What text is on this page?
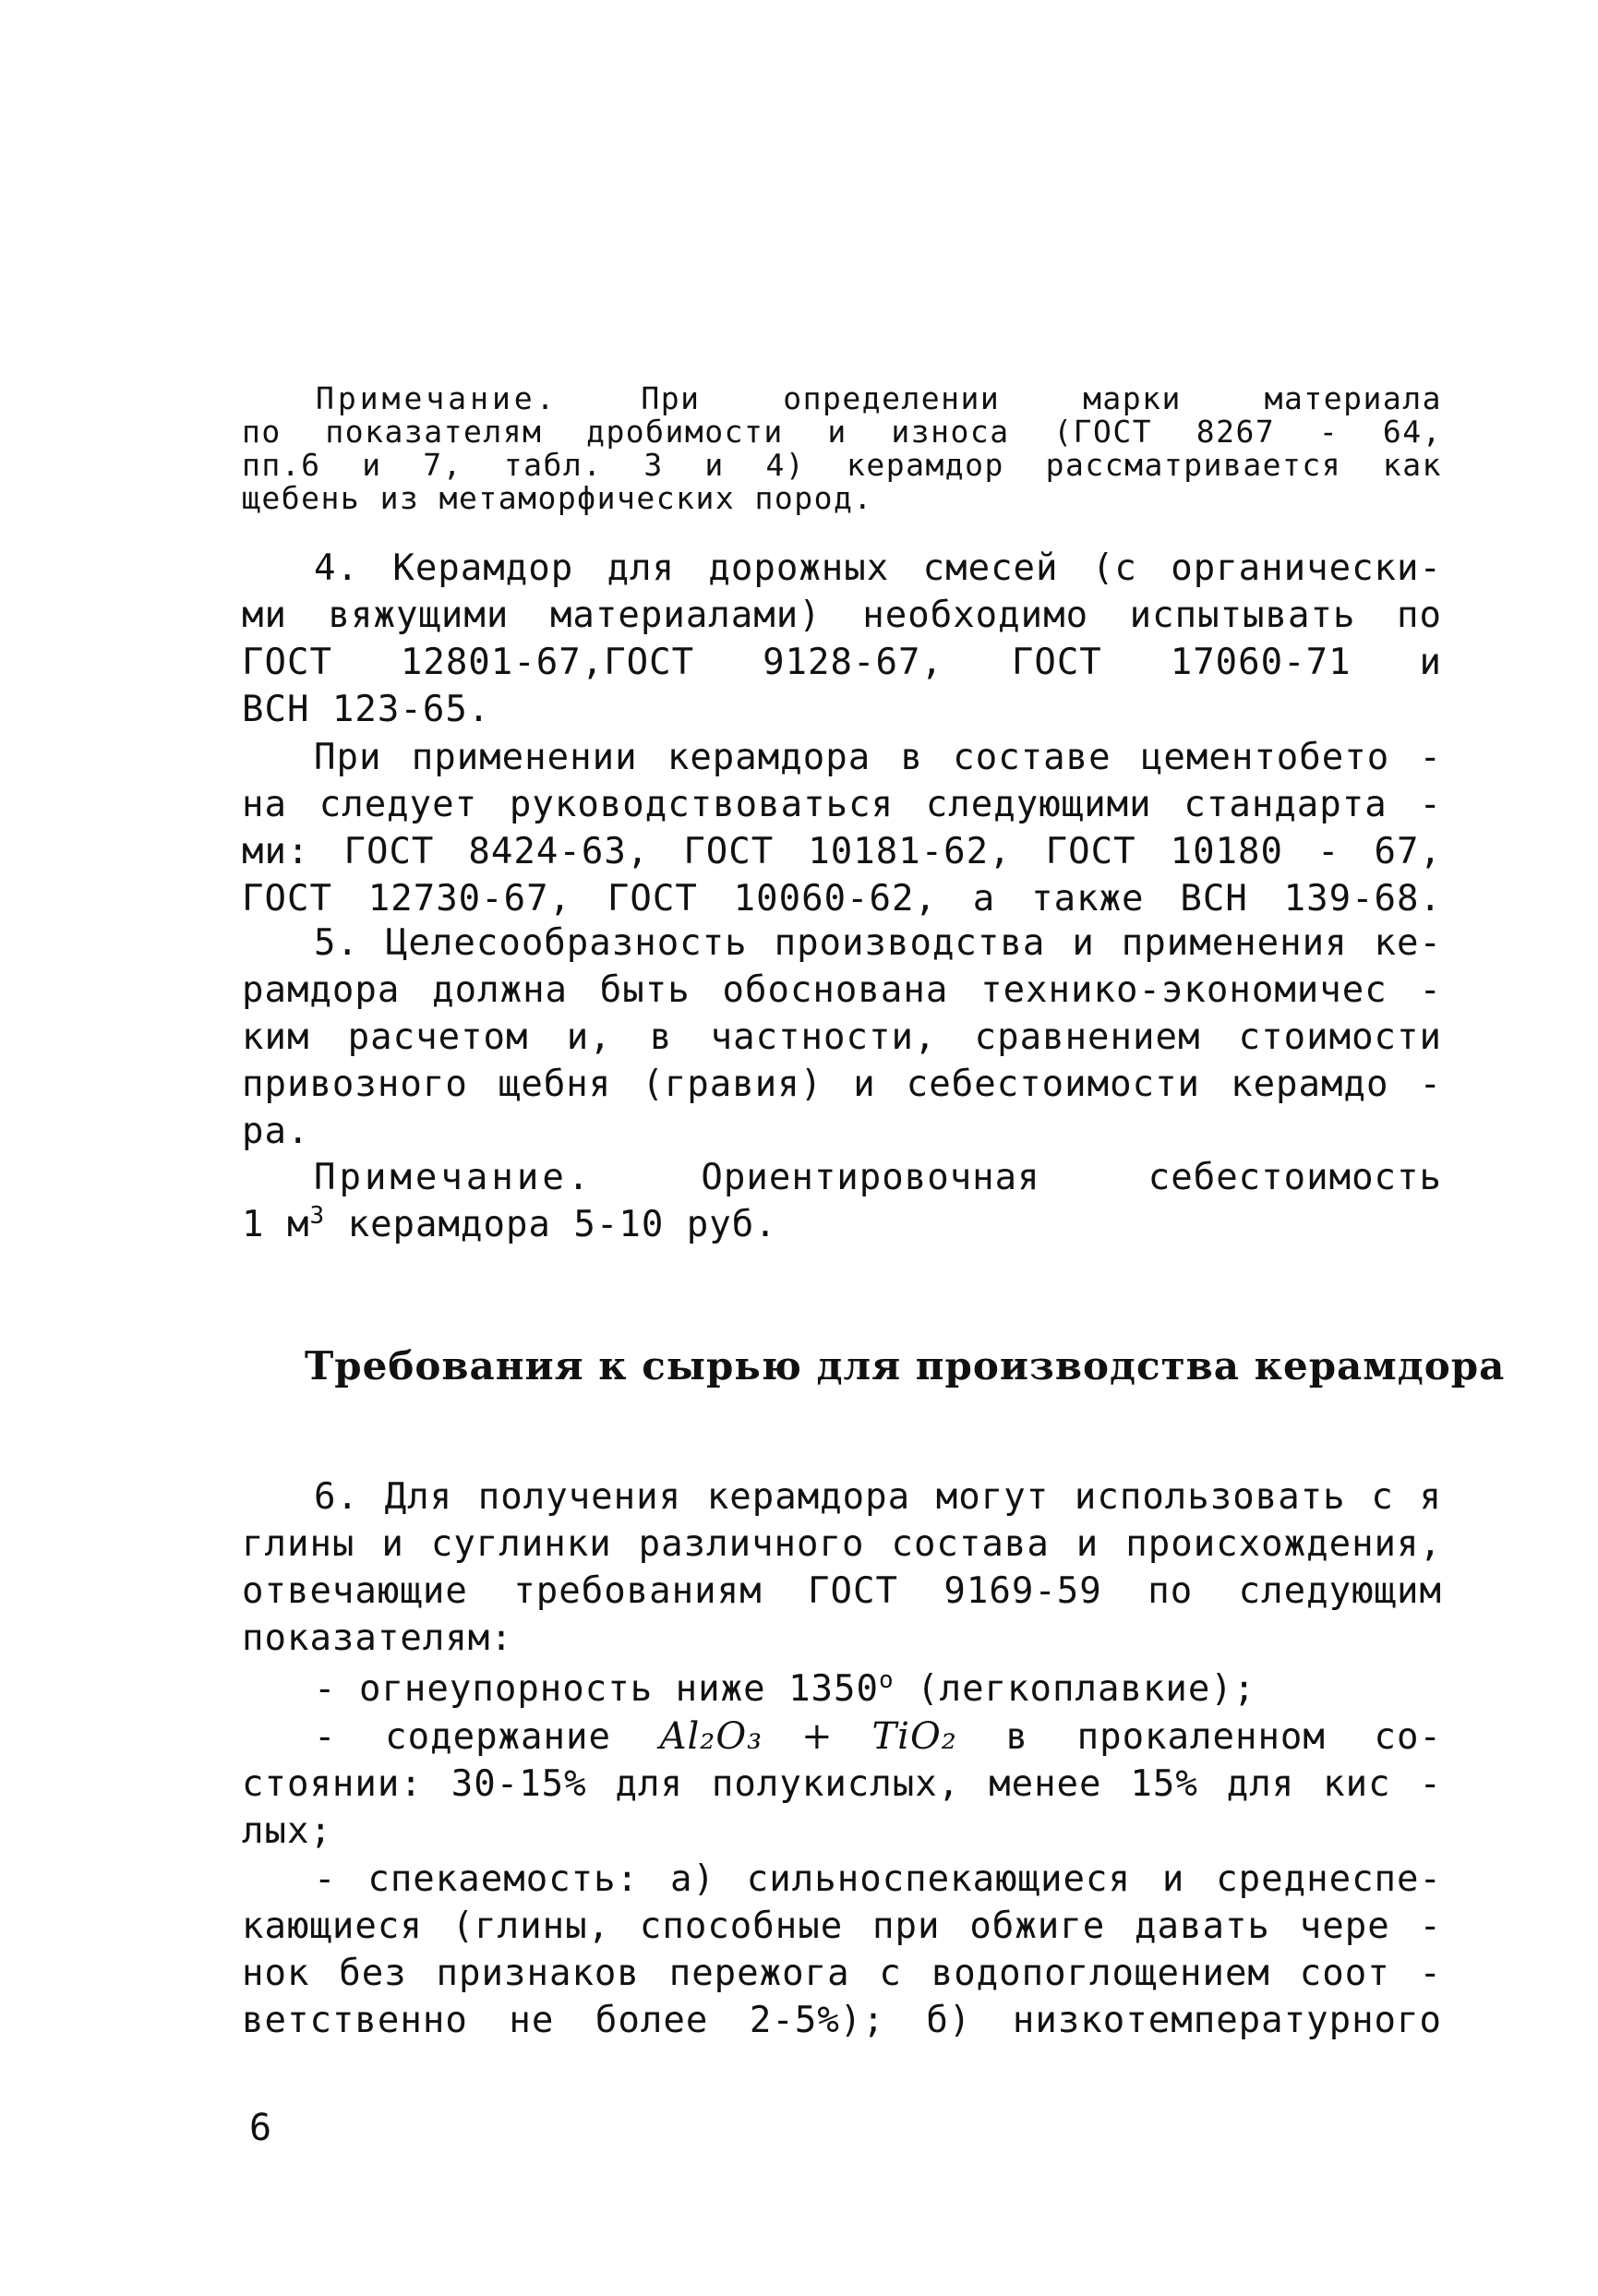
Примечание.	При определении марки материала
по показателям дробимости и износа (ГОСТ 8267 - 64,
пп.6 и 7, табл. 3 и 4) керамдор рассматривается как
щебень из метаморфических пород.
4. Керамдор для дорожных смесей (с органически-
ми вяжущими материалами) необходимо испытывать по
ГОСТ 12801-67,ГОСТ 9128-67, ГОСТ 17060-71 и
ВСН 123-65.
При применении керамдора в составе цементобето -
на следует руководствоваться следующими стандарта -
ми: ГОСТ 8424-63, ГОСТ 10181-62, ГОСТ 10180 - 67,
ГОСТ 12730-67, ГОСТ 10060-62, а также ВСН 139-68.
5. Целесообразность производства и применения ке-
рамдора должна быть обоснована технико-экономичес -
ким расчетом и, в частности, сравнением стоимости
привозного щебня (гравия) и себестоимости керамдо -
ра.
Примечание.	Ориентировочная себестоимость
1 $м^3$ керамдора 5-10 руб.
Требования к сырью для производства керамдора
6. Для получения керамдора могут использовать с я
глины и суглинки различного состава и происхождения,
отвечающие требованиям ГОСТ 9169-59 по следующим
показателям:
- огнеупорность ниже $1350^о$ (легкоплавкие);
- содержание Al₂O₃ + TiO₂ в прокаленном со-
стоянии: 30-15% для полукислых, менее 15% для кис -
лых;
- спекаемость: а) сильноспекающиеся и среднеспе-
кающиеся (глины, способные при обжиге давать чере -
нок без признаков пережога с водопоглощением соот -
ветственно не более 2-5%); б) низкотемпературного
6
